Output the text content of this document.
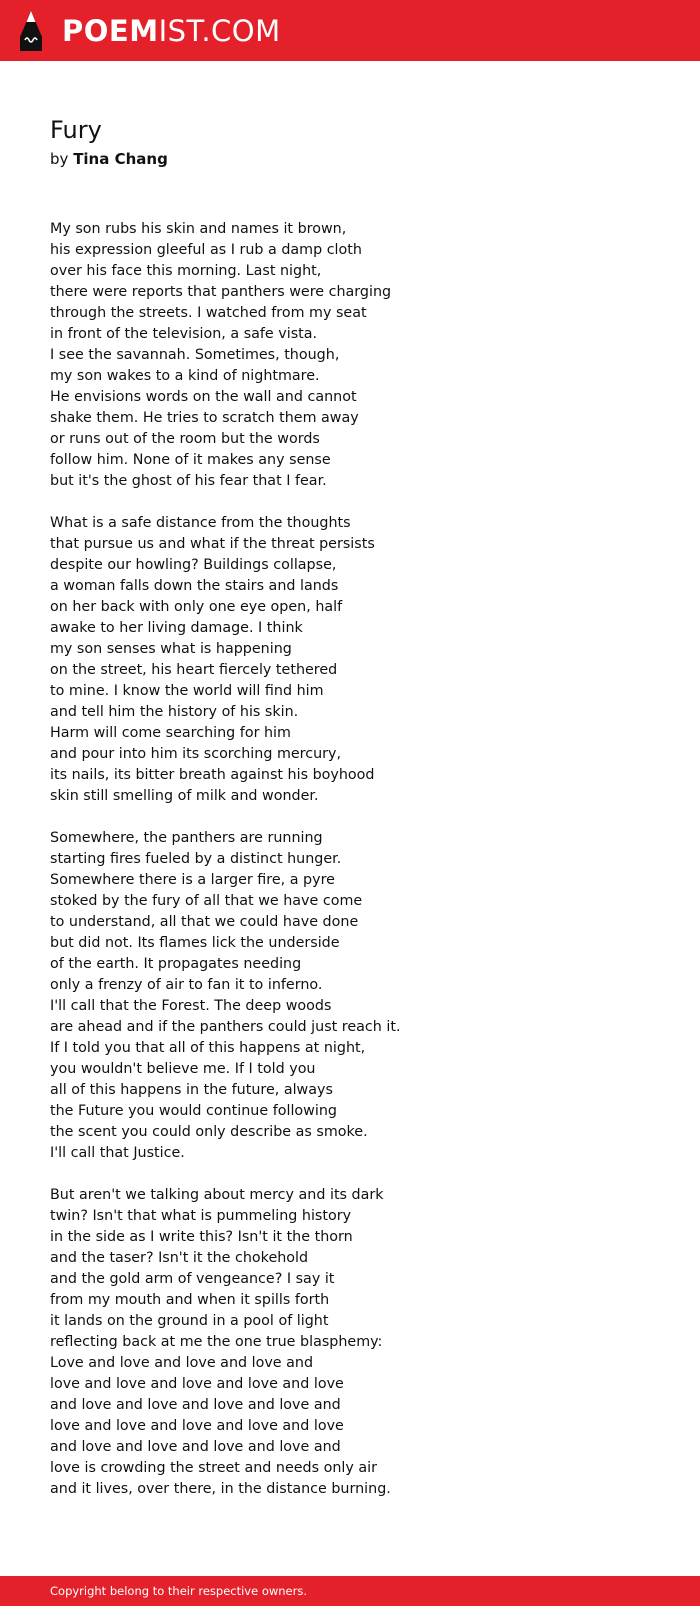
POEMIST.COM
Fury
by Tina Chang
My son rubs his skin and names it brown,
his expression gleeful as I rub a damp cloth
over his face this morning. Last night,
there were reports that panthers were charging
through the streets. I watched from my seat
in front of the television, a safe vista.
I see the savannah. Sometimes, though,
my son wakes to a kind of nightmare.
He envisions words on the wall and cannot
shake them. He tries to scratch them away
or runs out of the room but the words
follow him. None of it makes any sense
but it's the ghost of his fear that I fear.
What is a safe distance from the thoughts
that pursue us and what if the threat persists
despite our howling? Buildings collapse,
a woman falls down the stairs and lands
on her back with only one eye open, half
awake to her living damage. I think
my son senses what is happening
on the street, his heart fiercely tethered
to mine. I know the world will find him
and tell him the history of his skin.
Harm will come searching for him
and pour into him its scorching mercury,
its nails, its bitter breath against his boyhood
skin still smelling of milk and wonder.
Somewhere, the panthers are running
starting fires fueled by a distinct hunger.
Somewhere there is a larger fire, a pyre
stoked by the fury of all that we have come
to understand, all that we could have done
but did not. Its flames lick the underside
of the earth. It propagates needing
only a frenzy of air to fan it to inferno.
I'll call that the Forest. The deep woods
are ahead and if the panthers could just reach it.
If I told you that all of this happens at night,
you wouldn't believe me. If I told you
all of this happens in the future, always
the Future you would continue following
the scent you could only describe as smoke.
I'll call that Justice.
But aren't we talking about mercy and its dark
twin? Isn't that what is pummeling history
in the side as I write this? Isn't it the thorn
and the taser? Isn't it the chokehold
and the gold arm of vengeance? I say it
from my mouth and when it spills forth
it lands on the ground in a pool of light
reflecting back at me the one true blasphemy:
Love and love and love and love and
love and love and love and love and love
and love and love and love and love and
love and love and love and love and love
and love and love and love and love and
love is crowding the street and needs only air
and it lives, over there, in the distance burning.
Copyright belong to their respective owners.
